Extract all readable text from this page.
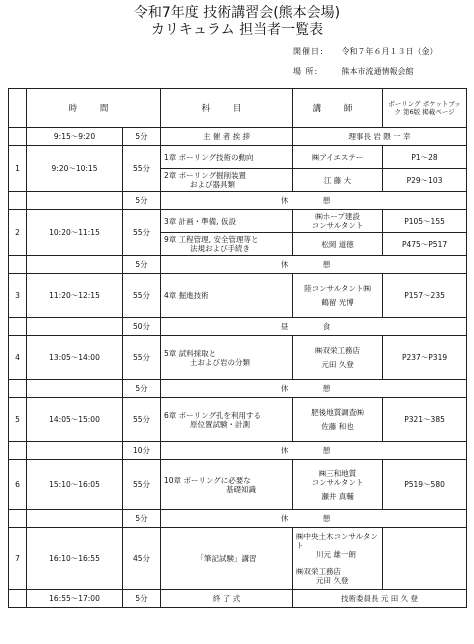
令和7年度 技術講習会(熊本会場)
カリキュラム 担当者一覧表
開催日: 令和７年６月１３日（金）
場 所:	熊本市流通情報会館
	時 間		科 目	講 師	ボーリング ポケットブック 第6版 掲載ページ
	9:15～9:20	5分	主 催 者 挨 拶	理事長 岩 隈 一 幸	
1	9:20～10:15	55分	1章 ボーリング技術の動向	㈱アイエステー	P1～28

			2章 ボーリング掘削装置
および器具類	江 藤 大	P29～103
		5分	休 憩		
2	10:20～11:15	55分	3章 計画・準備, 仮設	㈱ホープ建設
コンサルタント	P105～155

			9章 工程管理, 安全管理等と
法規および手続き	松岡 道徳	P475～P517
		5分	休 憩		
3	11:20～12:15	55分	4章 掘進技術	陸コンサルタント㈱
鶴留 光博	P157～235
		50分	昼 食		
4	13:05～14:00	55分	5章 試料採取と
土および岩の分類	㈱双栄工務店
元田 久登	P237～P319
		5分	休 憩		
5	14:05～15:00	55分	6章 ボーリング孔を利用する
原位置試験・計測	肥後地質調査㈱
佐藤 和也	P321～385
		10分	休 憩		
6	15:10～16:05	55分	10章 ボーリングに必要な
基礎知識	㈱三和地質
コンサルタント
瀬井 真輔	P519～580
		5分	休 憩		
7	16:10～16:55	45分	「筆記試験」講習	㈱中央土木コンサルタント
川元 雄一朗
㈱双栄工務店
元田 久登	

	16:55～17:00	5分	終 了 式	技術委員長 元 田 久 登	
